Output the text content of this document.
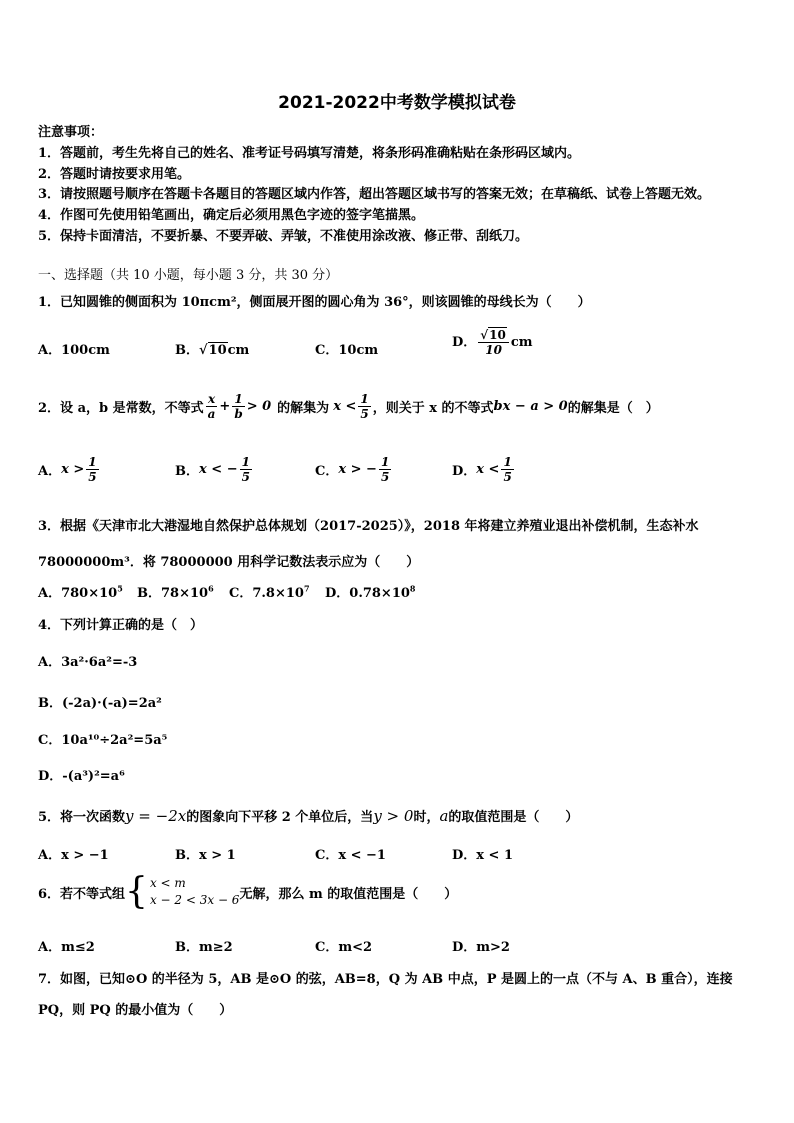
2021-2022中考数学模拟试卷
注意事项：
1．答题前，考生先将自己的姓名、准考证号码填写清楚，将条形码准确粘贴在条形码区域内。
2．答题时请按要求用笔。
3．请按照题号顺序在答题卡各题目的答题区域内作答，超出答题区域书写的答案无效；在草稿纸、试卷上答题无效。
4．作图可先使用铅笔画出，确定后必须用黑色字迹的签字笔描黑。
5．保持卡面清洁，不要折暴、不要弄破、弄皱，不准使用涂改液、修正带、刮纸刀。
一、选择题（共 10 小题，每小题 3 分，共 30 分）
1．已知圆锥的侧面积为 10πcm²，侧面展开图的圆心角为 36°，则该圆锥的母线长为（　　）
A．100cm	B．√10cm	C．10cm
D． $\frac{√10}{10}$ cm
2．设 a，b 是常数，不等式 $\frac{x}{a} + \frac{1}{b} > 0$ 的解集为 $x < \frac{1}{5}$ ，则关于 x 的不等式 bx − a > 0 的解集是（　）
A． $x > \frac{1}{5}$	B． x < − $\frac{1}{5}$	C． x > − $\frac{1}{5}$	D． $x < \frac{1}{5}$
3．根据《天津市北大港湿地自然保护总体规划（2017-2025）》，2018 年将建立养殖业退出补偿机制，生态补水
78000000m³．将 78000000 用科学记数法表示应为（　　）
A．$780\times 10^5$ B．$78\times 10^6$ C．$7.8\times 10^7$ D．$0.78\times 10^8$
4．下列计算正确的是（　）
A．3a²·6a²=-3
B．(-2a)·(-a)=2a²
C．10a¹⁰÷2a²=5a⁵
D．-(a³)²=a⁶
5．将一次函数y = −2x的图象向下平移 2 个单位后，当y > 0时，a的取值范围是（　　）
A．x > −1	B．x > 1	C．x < −1	D．x < 1
6．若不等式组 { x < m
x − 2 < 3x − 6 无解，那么 m 的取值范围是（　　）
A．m≤2	B．m≥2	C．m<2	D．m>2
7．如图，已知⊙O 的半径为 5，AB 是⊙O 的弦，AB=8，Q 为 AB 中点，P 是圆上的一点（不与 A、B 重合），连接
PQ，则 PQ 的最小值为（　　）
